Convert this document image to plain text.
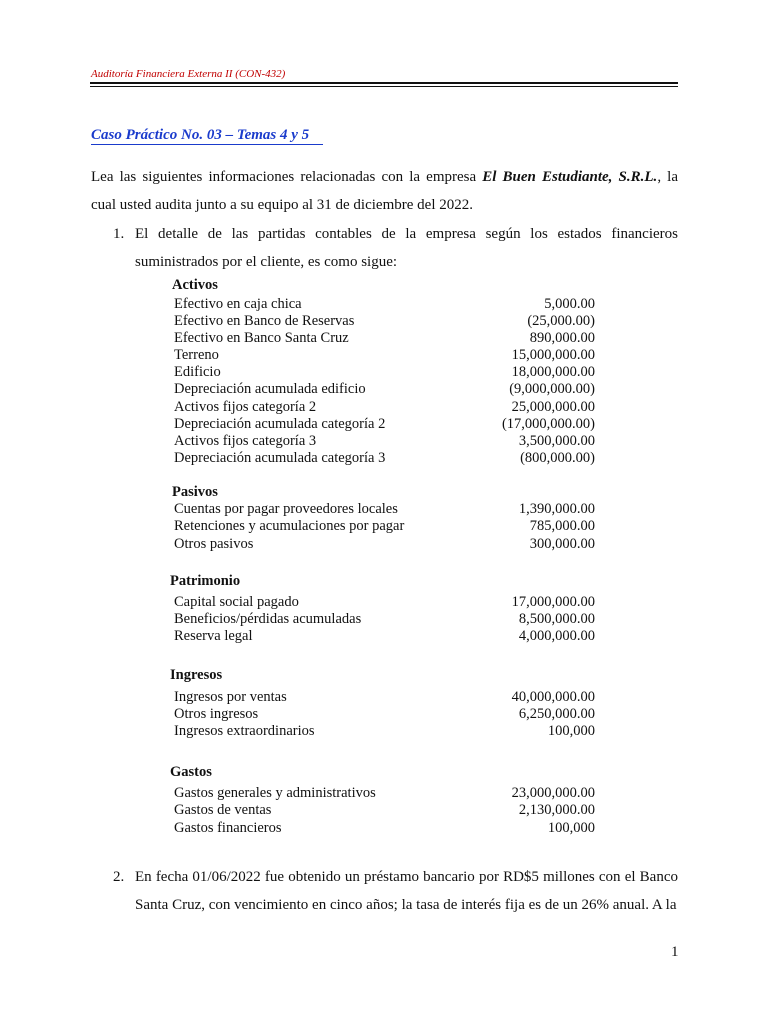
Auditoría Financiera Externa II (CON-432)
Caso Práctico No. 03 – Temas 4 y 5
Lea las siguientes informaciones relacionadas con la empresa El Buen Estudiante, S.R.L., la cual usted audita junto a su equipo al 31 de diciembre del 2022.
1. El detalle de las partidas contables de la empresa según los estados financieros suministrados por el cliente, es como sigue:
Activos
Efectivo en caja chica	5,000.00
Efectivo en Banco de Reservas	(25,000.00)
Efectivo en Banco Santa Cruz	890,000.00
Terreno	15,000,000.00
Edificio	18,000,000.00
Depreciación acumulada edificio	(9,000,000.00)
Activos fijos categoría 2	25,000,000.00
Depreciación acumulada categoría 2	(17,000,000.00)
Activos fijos categoría 3	3,500,000.00
Depreciación acumulada categoría 3	(800,000.00)
Pasivos
Cuentas por pagar proveedores locales	1,390,000.00
Retenciones y acumulaciones por pagar	785,000.00
Otros pasivos	300,000.00
Patrimonio
Capital social pagado	17,000,000.00
Beneficios/pérdidas acumuladas	8,500,000.00
Reserva legal	4,000,000.00
Ingresos
Ingresos por ventas	40,000,000.00
Otros ingresos	6,250,000.00
Ingresos extraordinarios	100,000
Gastos
Gastos generales y administrativos	23,000,000.00
Gastos de ventas	2,130,000.00
Gastos financieros	100,000
2. En fecha 01/06/2022 fue obtenido un préstamo bancario por RD$5 millones con el Banco Santa Cruz, con vencimiento en cinco años; la tasa de interés fija es de un 26% anual. A la
1
